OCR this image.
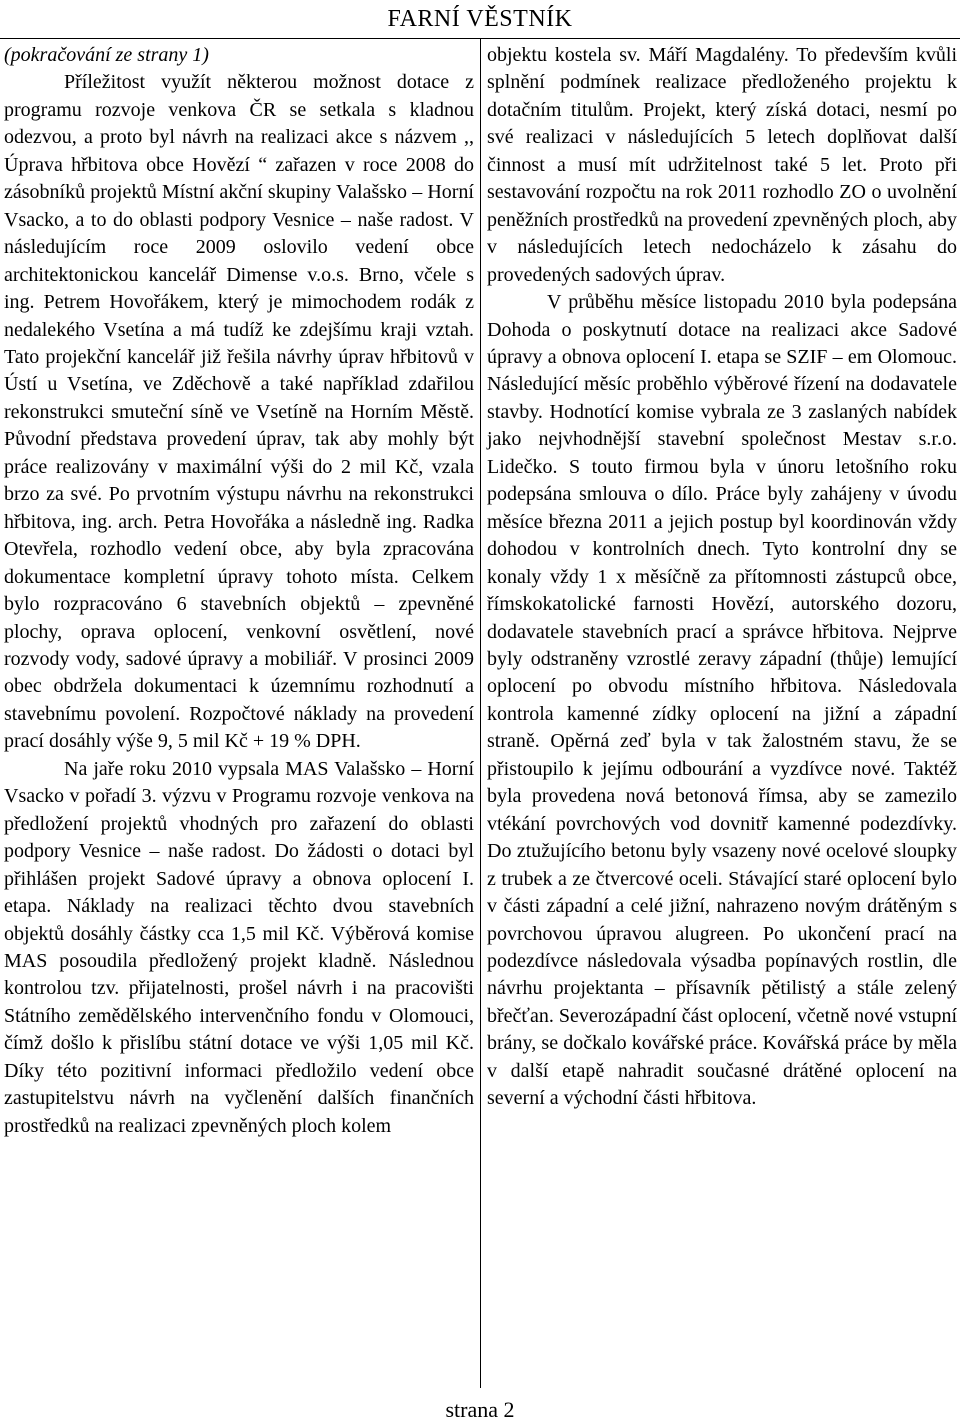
FARNÍ VĚSTNÍK

(pokračování ze strany 1)

Příležitost využít některou možnost dotace z programu rozvoje venkova ČR se setkala s kladnou odezvou, a proto byl návrh na realizaci akce s názvem ,, Úprava hřbitova obce Hovězí “ zařazen v roce 2008 do zásobníků projektů Místní akční skupiny Valašsko – Horní Vsacko, a to do oblasti podpory Vesnice – naše radost. V následujícím roce 2009 oslovilo vedení obce architektonickou kancelář Dimense v.o.s. Brno, včele s ing. Petrem Hovořákem, který je mimochodem rodák z nedalekého Vsetína a má tudíž ke zdejšímu kraji vztah. Tato projekční kancelář již řešila návrhy úprav hřbitovů v Ústí u Vsetína, ve Zděchově a také například zdařilou rekonstrukci smuteční síně ve Vsetíně na Horním Městě. Původní představa provedení úprav, tak aby mohly být práce realizovány v maximální výši do 2 mil Kč, vzala brzo za své. Po prvotním výstupu návrhu na rekonstrukci hřbitova, ing. arch. Petra Hovořáka a následně ing. Radka Otevřela, rozhodlo vedení obce, aby byla zpracována dokumentace kompletní úpravy tohoto místa. Celkem bylo rozpracováno 6 stavebních objektů – zpevněné plochy, oprava oplocení, venkovní osvětlení, nové rozvody vody, sadové úpravy a mobiliář. V prosinci 2009 obec obdržela dokumentaci k územnímu rozhodnutí a stavebnímu povolení. Rozpočtové náklady na provedení prací dosáhly výše 9, 5 mil Kč + 19 % DPH.

Na jaře roku 2010 vypsala MAS Valašsko – Horní Vsacko v pořadí 3. výzvu v Programu rozvoje venkova na předložení projektů vhodných pro zařazení do oblasti podpory Vesnice – naše radost. Do žádosti o dotaci byl přihlášen projekt Sadové úpravy a obnova oplocení I. etapa. Náklady na realizaci těchto dvou stavebních objektů dosáhly částky cca 1,5 mil Kč. Výběrová komise MAS posoudila předložený projekt kladně. Následnou kontrolou tzv. přijatelnosti, prošel návrh i na pracovišti Státního zemědělského intervenčního fondu v Olomouci, čímž došlo k přislíbu státní dotace ve výši 1,05 mil Kč. Díky této pozitivní informaci předložilo vedení obce zastupitelstvu návrh na vyčlenění dalších finančních prostředků na realizaci zpevněných ploch kolem

objektu kostela sv. Máří Magdalény. To především kvůli splnění podmínek realizace předloženého projektu k dotačním titulům. Projekt, který získá dotaci, nesmí po své realizaci v následujících 5 letech doplňovat další činnost a musí mít udržitelnost také 5 let. Proto při sestavování rozpočtu na rok 2011 rozhodlo ZO o uvolnění peněžních prostředků na provedení zpevněných ploch, aby v následujících letech nedocházelo k zásahu do provedených sadových úprav.

V průběhu měsíce listopadu 2010 byla podepsána Dohoda o poskytnutí dotace na realizaci akce Sadové úpravy a obnova oplocení I. etapa se SZIF – em Olomouc. Následující měsíc proběhlo výběrové řízení na dodavatele stavby. Hodnotící komise vybrala ze 3 zaslaných nabídek jako nejvhodnější stavební společnost Mestav s.r.o. Lidečko. S touto firmou byla v únoru letošního roku podepsána smlouva o dílo. Práce byly zahájeny v úvodu měsíce března 2011 a jejich postup byl koordinován vždy dohodou v kontrolních dnech. Tyto kontrolní dny se konaly vždy 1 x měsíčně za přítomnosti zástupců obce, římskokatolické farnosti Hovězí, autorského dozoru, dodavatele stavebních prací a správce hřbitova. Nejprve byly odstraněny vzrostlé zeravy západní (thůje) lemující oplocení po obvodu místního hřbitova. Následovala kontrola kamenné zídky oplocení na jižní a západní straně. Opěrná zeď byla v tak žalostném stavu, že se přistoupilo k jejímu odbourání a vyzdívce nové. Taktéž byla provedena nová betonová římsa, aby se zamezilo vtékání povrchových vod dovnitř kamenné podezdívky. Do ztužujícího betonu byly vsazeny nové ocelové sloupky z trubek a ze čtvercové oceli. Stávající staré oplocení bylo v části západní a celé jižní, nahrazeno novým drátěným s povrchovou úpravou alugreen. Po ukončení prací na podezdívce následovala výsadba popínavých rostlin, dle návrhu projektanta – přísavník pětilistý a stále zelený břečťan. Severozápadní část oplocení, včetně nové vstupní brány, se dočkalo kovářské práce. Kovářská práce by měla v další etapě nahradit současné drátěné oplocení na severní a východní části hřbitova.

strana 2
